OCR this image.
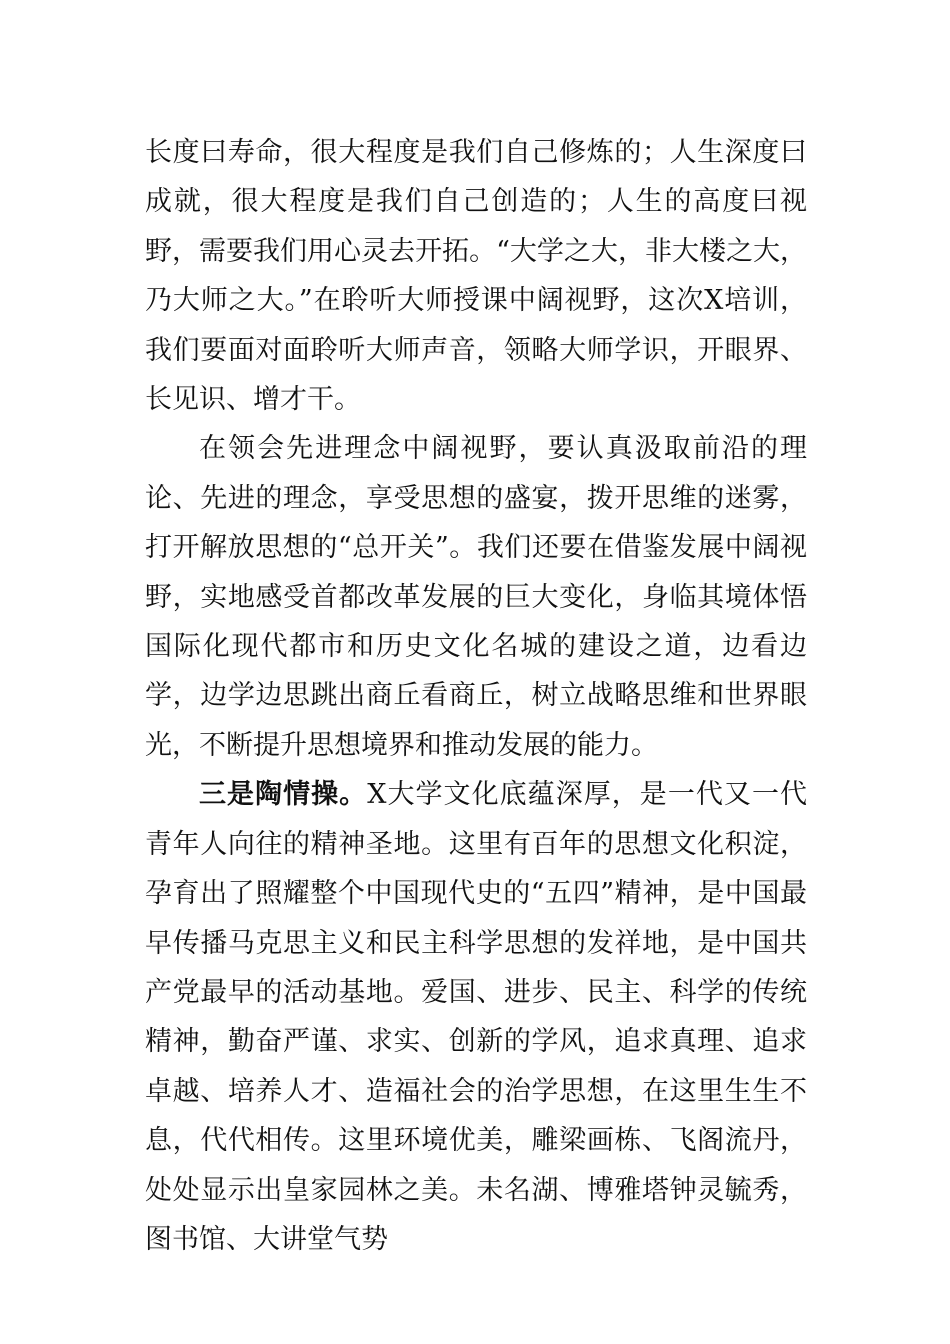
长度曰寿命，很大程度是我们自己修炼的；人生深度曰成就，很大程度是我们自己创造的；人生的高度曰视野，需要我们用心灵去开拓。“大学之大，非大楼之大，乃大师之大。”在聆听大师授课中阔视野，这次X培训，我们要面对面聆听大师声音，领略大师学识，开眼界、长见识、增才干。

在领会先进理念中阔视野，要认真汲取前沿的理论、先进的理念，享受思想的盛宴，拨开思维的迷雾，打开解放思想的“总开关”。我们还要在借鉴发展中阔视野，实地感受首都改革发展的巨大变化，身临其境体悟国际化现代都市和历史文化名城的建设之道，边看边学，边学边思跳出商丘看商丘，树立战略思维和世界眼光，不断提升思想境界和推动发展的能力。

三是陶情操。X大学文化底蕴深厚，是一代又一代青年人向往的精神圣地。这里有百年的思想文化积淀，孕育出了照耀整个中国现代史的“五四”精神，是中国最早传播马克思主义和民主科学思想的发祥地，是中国共产党最早的活动基地。爱国、进步、民主、科学的传统精神，勤奋严谨、求实、创新的学风，追求真理、追求卓越、培养人才、造福社会的治学思想，在这里生生不息，代代相传。这里环境优美，雕梁画栋、飞阁流丹，处处显示出皇家园林之美。未名湖、博雅塔钟灵毓秀，图书馆、大讲堂气势
